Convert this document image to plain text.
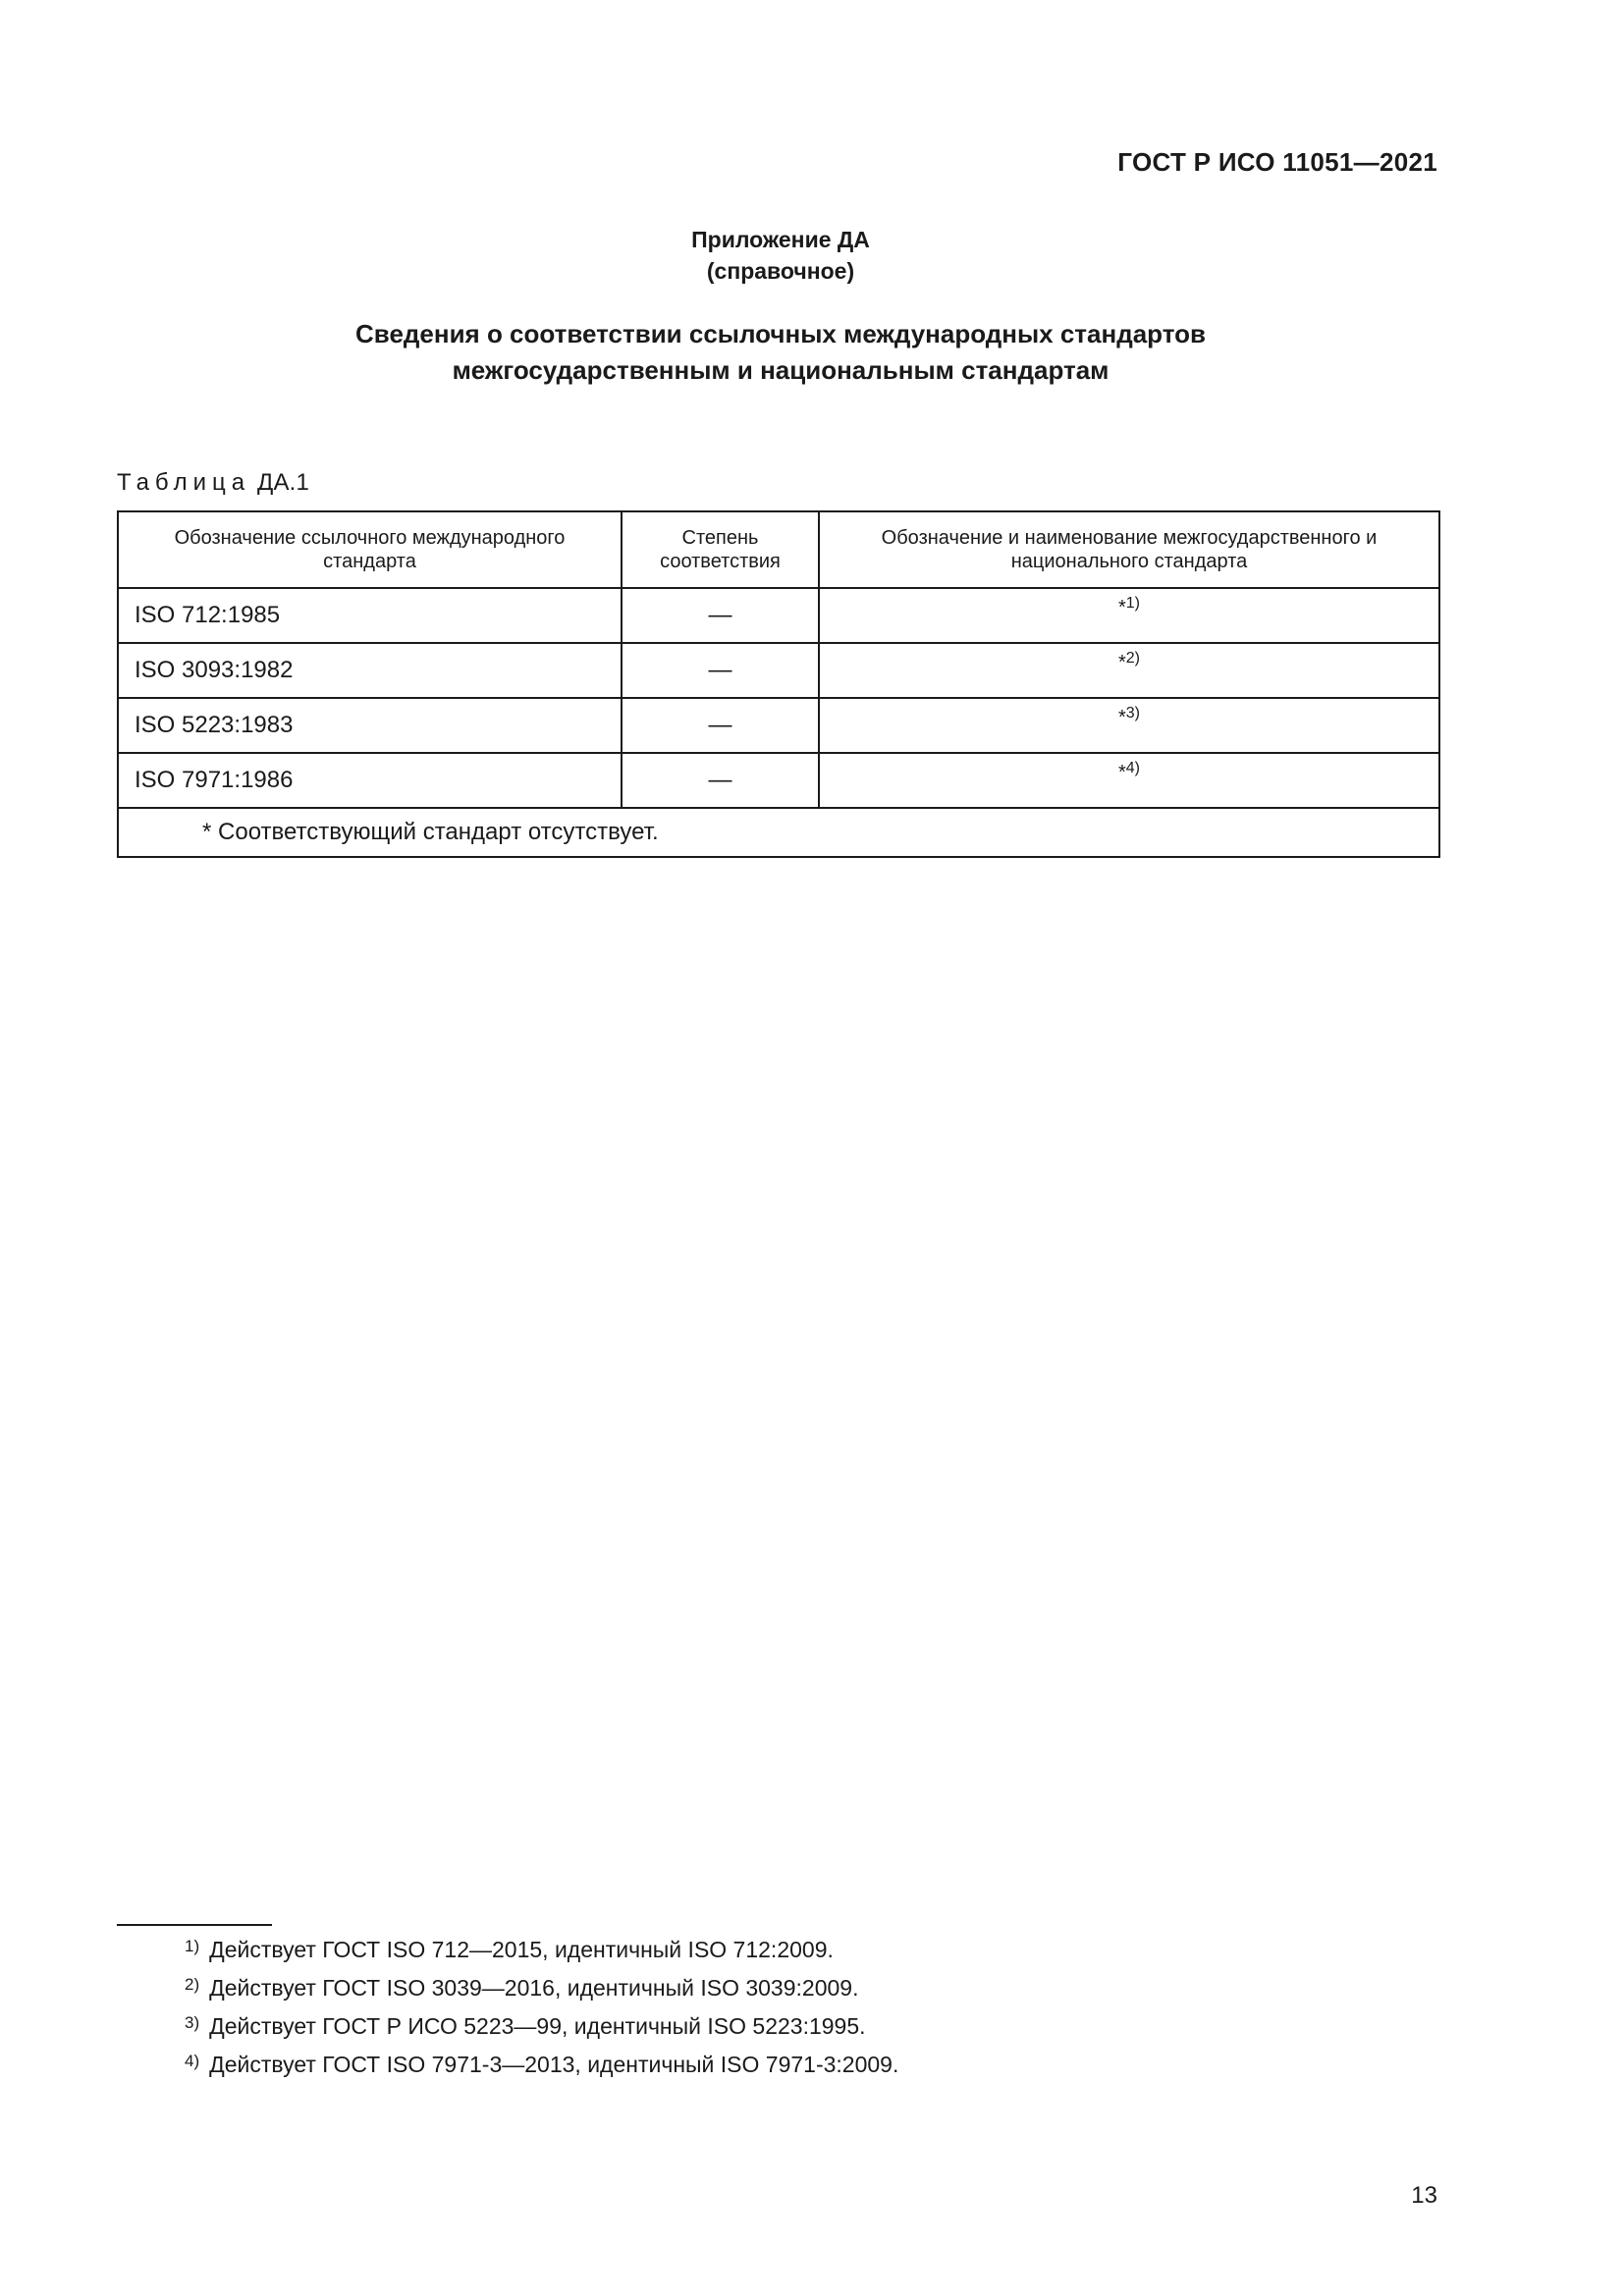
ГОСТ Р ИСО 11051—2021
Приложение ДА
(справочное)
Сведения о соответствии ссылочных международных стандартов
межгосударственным и национальным стандартам
Таблица ДА.1
Обозначение ссылочного международного стандарта	Степень соответствия	Обозначение и наименование межгосударственного и национального стандарта
ISO 712:1985	—	*$^{1)}$
ISO 3093:1982	—	*$^{2)}$
ISO 5223:1983	—	*$^{3)}$
ISO 7971:1986	—	*$^{4)}$
* Соответствующий стандарт отсутствует.		
1) Действует ГОСТ ISO 712—2015, идентичный ISO 712:2009.
2) Действует ГОСТ ISO 3039—2016, идентичный ISO 3039:2009.
3) Действует ГОСТ Р ИСО 5223—99, идентичный ISO 5223:1995.
4) Действует ГОСТ ISO 7971-3—2013, идентичный ISO 7971-3:2009.
13
